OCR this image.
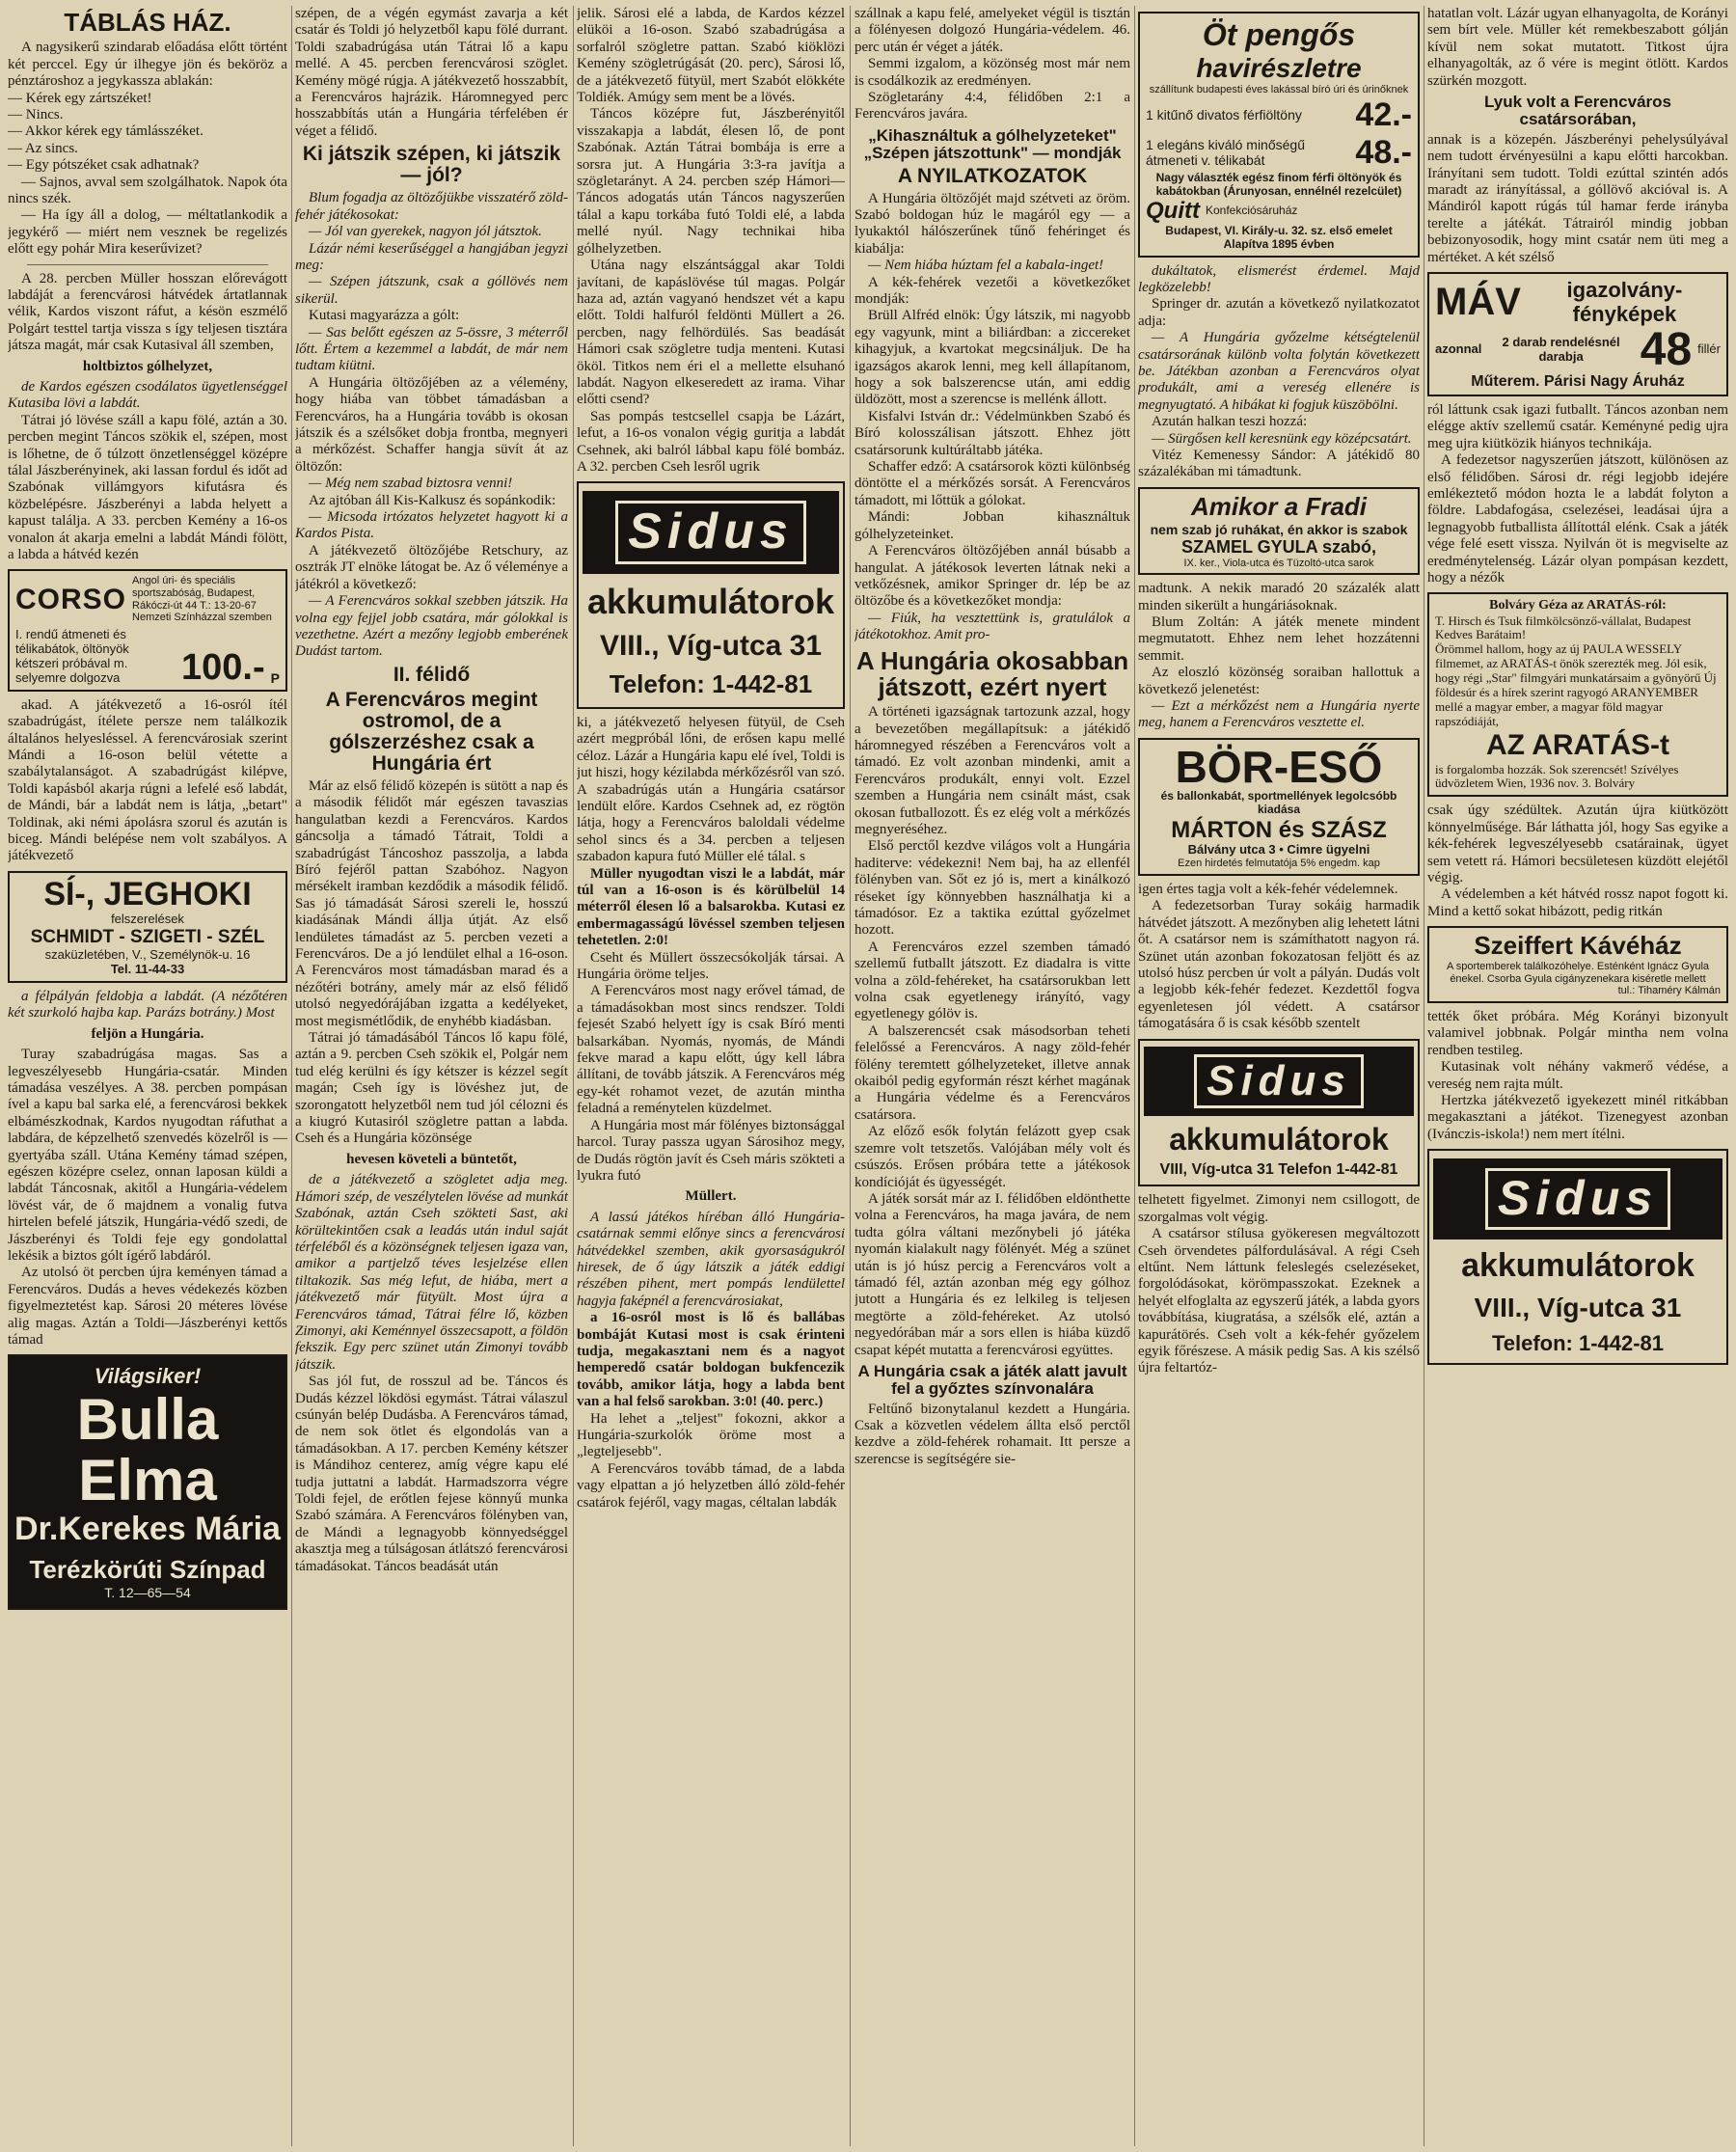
TÁBLÁS HÁZ.

A nagysikerű szindarab előadása előtt történt két perccel. Egy úr ilhegye jön és beköröz a pénztároshoz a jegykassza ablakán:

— Kérek egy zártszéket!

— Nincs.

— Akkor kérek egy támlásszéket.

— Az sincs.

— Egy pótszéket csak adhatnak?

— Sajnos, avval sem szolgálhatok. Napok óta nincs szék.

— Ha így áll a dolog, — méltatlankodik a jegykérő — miért nem vesznek be regelizés előtt egy pohár Mira keserűvizet?

A 28. percben Müller hosszan előrevágott labdáját a ferencvárosi hátvédek ártatlannak vélik, Kardos viszont ráfut, a késön eszmélő Polgárt testtel tartja vissza s így teljesen tisztára játsza magát, már csak Kutasival áll szemben,

holtbiztos gólhelyzet,

de Kardos egészen csodálatos ügyetlenséggel Kutasiba lövi a labdát.

Tátrai jó lövése száll a kapu fölé, aztán a 30. percben megint Táncos szökik el, szépen, most is lőhetne, de ő túlzott önzetlenséggel középre tálal Jászberényinek, aki lassan fordul és időt ad Szabónak villámgyors kifutásra és közbelépésre. Jászberényi a labda helyett a kapust találja. A 33. percben Kemény a 16-os vonalon át akarja emelni a labdát Mándi fölött, a labda a hátvéd kezén

CORSO
Angol úri- és speciális sportszabóság, Budapest, Rákóczi-út 44 T.: 13-20-67 Nemzeti Színházzal szemben
I. rendű átmeneti és télikabátok, öltönyök kétszeri próbával m. selyemre dolgozva	100.- P

akad. A játékvezető a 16-osról ítél szabadrúgást, ítélete persze nem találkozik általános helyesléssel. A ferencvárosiak szerint Mándi a 16-oson belül vétette a szabálytalanságot. A szabadrúgást kilépve, Toldi kapásból akarja rúgni a lefelé eső labdát, de Mándi, bár a labdát nem is látja, „betart" Toldinak, aki némi ápolásra szorul és azután is biceg. Mándi belépése nem volt szabályos. A játékvezető

SÍ-, JEGHOKI
felszerelések
SCHMIDT - SZIGETI - SZÉL
szaküzletében, V., Személynök-u. 16
Tel. 11-44-33

a félpályán feldobja a labdát. (A nézőtéren két szurkoló hajba kap. Parázs botrány.) Most

feljön a Hungária.

Turay szabadrúgása magas. Sas a legveszélyesebb Hungária-csatár. Minden támadása veszélyes. A 38. percben pompásan ível a kapu bal sarka elé, a ferencvárosi bekkek elbámészkodnak, Kardos nyugodtan ráfuthat a labdára, de képzelhető szenvedés közelről is — gyertyába száll. Utána Kemény támad szépen, egészen középre cselez, onnan laposan küldi a labdát Táncosnak, akitől a Hungária-védelem lövést vár, de ő majdnem a vonalig futva hirtelen befelé játszik, Hungária-védő szedi, de Jászberényi és Toldi feje egy gondolattal lekésik a biztos gólt ígérő labdáról.

Az utolsó öt percben újra keményen támad a Ferencváros. Dudás a heves védekezés közben figyelmeztetést kap. Sárosi 20 méteres lövése alig magas. Aztán a Toldi—Jászberényi kettős támad

Világsiker!
Bulla Elma
Dr.Kerekes Mária
Terézkörúti Színpad
T. 12—65—54

szépen, de a végén egymást zavarja a két csatár és Toldi jó helyzetből kapu fölé durrant. Toldi szabadrúgása után Tátrai lő a kapu mellé. A 45. percben ferencvárosi szöglet. Kemény mögé rúgja. A játékvezető hosszabbít, a Ferencváros hajrázik. Háromnegyed perc hosszabbítás után a Hungária térfelében ér véget a félidő.

Ki játszik szépen, ki játszik — jól?

Blum fogadja az öltözőjükbe visszatérő zöld-fehér játékosokat:

— Jól van gyerekek, nagyon jól játsztok.

Lázár némi keserűséggel a hangjában jegyzi meg:

— Szépen játszunk, csak a góllövés nem sikerül.

Kutasi magyarázza a gólt:

— Sas belőtt egészen az 5-össre, 3 méterről lőtt. Értem a kezemmel a labdát, de már nem tudtam kiütni.

A Hungária öltözőjében az a vélemény, hogy hiába van többet támadásban a Ferencváros, ha a Hungária tovább is okosan játszik és a szélsőket dobja frontba, megnyeri a mérkőzést. Schaffer hangja süvít át az öltözőn:

— Még nem szabad biztosra venni!

Az ajtóban áll Kis-Kalkusz és sopánkodik:

— Micsoda irtózatos helyzetet hagyott ki a Kardos Pista.

A játékvezető öltözőjébe Retschury, az osztrák JT elnöke látogat be. Az ő véleménye a játékról a következő:

— A Ferencváros sokkal szebben játszik. Ha volna egy fejjel jobb csatára, már gólokkal is vezethetne. Azért a mezőny legjobb emberének Dudást tartom.

II. félidő
A Ferencváros megint ostromol, de a gólszerzéshez csak a Hungária ért

Már az első félidő közepén is sütött a nap és a második félidőt már egészen tavaszias hangulatban kezdi a Ferencváros. Kardos gáncsolja a támadó Tátrait, Toldi a szabadrúgást Táncoshoz passzolja, a labda Bíró fejéről pattan Szabóhoz. Nagyon mérsékelt iramban kezdődik a második félidő. Sas jó támadását Sárosi szereli le, hosszú kiadásának Mándi állja útját. Az első lendületes támadást az 5. percben vezeti a Ferencváros. De a jó lendület elhal a 16-oson. A Ferencváros most támadásban marad és a nézőtéri botrány, amely már az első félidő utolsó negyedórájában izgatta a kedélyeket, most megismétlődik, de enyhébb kiadásban.

Tátrai jó támadásából Táncos lő kapu fölé, aztán a 9. percben Cseh szökik el, Polgár nem tud elég kerülni és így kétszer is kézzel segít magán; Cseh így is lövéshez jut, de szorongatott helyzetből nem tud jól célozni és a kiugró Kutasiról szögletre pattan a labda. Cseh és a Hungária közönsége

hevesen követeli a büntetőt,

de a játékvezető a szögletet adja meg. Hámori szép, de veszélytelen lövése ad munkát Szabónak, aztán Cseh szökteti Sast, aki körültekintően csak a leadás után indul saját térfeléből és a közönségnek teljesen igaza van, amikor a partjelző téves lesjelzése ellen tiltakozik. Sas még lefut, de hiába, mert a játékvezető már fütyült. Most újra a Ferencváros támad, Tátrai félre lő, közben Zimonyi, aki Keménnyel összecsapott, a földön fekszik. Egy perc szünet után Zimonyi tovább játszik.

Sas jól fut, de rosszul ad be. Táncos és Dudás kézzel lökdösi egymást. Tátrai válaszul csúnyán belép Dudásba. A Ferencváros támad, de nem sok ötlet és elgondolás van a támadásokban. A 17. percben Kemény kétszer is Mándihoz centerez, amíg végre kapu elé tudja juttatni a labdát. Harmadszorra végre Toldi fejel, de erőtlen fejese könnyű munka Szabó számára. A Ferencváros fölényben van, de Mándi a legnagyobb könnyedséggel akasztja meg a túlságosan átlátszó ferencvárosi támadásokat. Táncos beadását után

jelik. Sárosi elé a labda, de Kardos kézzel elüköi a 16-oson. Szabó szabadrúgása a sorfalról szögletre pattan. Szabó kiöklözi Kemény szögletrúgását (20. perc), Sárosi lő, de a játékvezető fütyül, mert Szabót elökkéte Toldiék. Amúgy sem ment be a lövés.

Táncos középre fut, Jászberényitől visszakapja a labdát, élesen lő, de pont Szabónak. Aztán Tátrai bombája is erre a sorsra jut. A Hungária 3:3-ra javítja a szögletarányt. A 24. percben szép Hámori—Táncos adogatás után Táncos nagyszerűen tálal a kapu torkába futó Toldi elé, a labda mellé nyúl. Nagy technikai hiba gólhelyzetben.

Utána nagy elszántsággal akar Toldi javítani, de kapáslövése túl magas. Polgár haza ad, aztán vagyanó hendszet vét a kapu előtt. Toldi halfuról feldönti Müllert a 26. percben, nagy felhördülés. Sas beadását Hámori csak szögletre tudja menteni. Kutasi ököl. Titkos nem éri el a mellette elsuhanó labdát. Nagyon elkeseredett az irama. Vihar előtti csend?

Sas pompás testcsellel csapja be Lázárt, lefut, a 16-os vonalon végig guritja a labdát Csehnek, aki balról lábbal kapu fölé bombáz. A 32. percben Cseh lesről ugrik

Sidus
akkumulátorok
VIII., Víg-utca 31
Telefon: 1-442-81

ki, a játékvezető helyesen fütyül, de Cseh azért megpróbál lőni, de erősen kapu mellé céloz. Lázár a Hungária kapu elé ível, Toldi is jut hiszi, hogy kézilabda mérkőzésről van szó. A szabadrúgás után a Hungária csatársor lendült előre. Kardos Csehnek ad, ez rögtön látja, hogy a Ferencváros baloldali védelme sehol sincs és a 34. percben a teljesen szabadon kapura futó Müller elé tálal. s

Müller nyugodtan viszi le a labdát, már túl van a 16-oson is és körülbelül 14 méterről élesen lő a balsarokba. Kutasi ez embermagasságú lövéssel szemben teljesen tehetetlen. 2:0!

Cseht és Müllert összecsókolják társai. A Hungária öröme teljes.

A Ferencváros most nagy erővel támad, de a támadásokban most sincs rendszer. Toldi fejesét Szabó helyett így is csak Bíró menti balsarkában. Nyomás, nyomás, de Mándi fekve marad a kapu előtt, úgy kell lábra állítani, de tovább játszik. A Ferencváros még egy-két rohamot vezet, de azután mintha feladná a reménytelen küzdelmet.

A Hungária most már fölényes biztonsággal harcol. Turay passza ugyan Sárosihoz megy, de Dudás rögtön javít és Cseh máris szökteti a lyukra futó

Müllert.

A lassú játékos híréban álló Hungária-csatárnak semmi előnye sincs a ferencvárosi hátvédekkel szemben, akik gyorsaságukról hiresek, de ő úgy látszik a játék eddigi részében pihent, mert pompás lendülettel hagyja faképnél a ferencvárosiakat,

a 16-osról most is lő és ballábas bombáját Kutasi most is csak érinteni tudja, megakasztani nem és a nagyot hemperedő csatár boldogan bukfencezik tovább, amikor látja, hogy a labda bent van a hal felső sarokban. 3:0! (40. perc.)

Ha lehet a „teljest" fokozni, akkor a Hungária-szurkolók öröme most a „legteljesebb".

A Ferencváros tovább támad, de a labda vagy elpattan a jó helyzetben álló zöld-fehér csatárok fejéről, vagy magas, céltalan labdák

szállnak a kapu felé, amelyeket végül is tisztán a fölényesen dolgozó Hungária-védelem. 46. perc után ér véget a játék.

Semmi izgalom, a közönség most már nem is csodálkozik az eredményen.

Szögletarány 4:4, félidőben 2:1 a Ferencváros javára.

„Kihasználtuk a gólhelyzeteket" „Szépen játszottunk" — mondják
A NYILATKOZATOK

A Hungária öltözőjét majd szétveti az öröm. Szabó boldogan húz le magáról egy — a lyukaktól hálószerűnek tűnő fehéringet és kiabálja:

— Nem hiába húztam fel a kabala-inget!

A kék-fehérek vezetői a következőket mondják:

Brüll Alfréd elnök: Úgy látszik, mi nagyobb egy vagyunk, mint a biliárdban: a ziccereket kihagyjuk, a kvartokat megcsináljuk. De ha igazságos akarok lenni, meg kell állapítanom, hogy a sok balszerencse után, ami eddig üldözött, most a szerencse is mellénk állott.

Kisfalvi István dr.: Védelmünkben Szabó és Bíró kolosszálisan játszott. Ehhez jött csatársorunk kultúráltabb játéka.

Schaffer edző: A csatársorok közti különbség döntötte el a mérkőzés sorsát. A Ferencváros támadott, mi lőttük a gólokat.

Mándi: Jobban kihasználtuk gólhelyzeteinket.

A Ferencváros öltözőjében annál búsabb a hangulat. A játékosok leverten látnak neki a vetkőzésnek, amikor Springer dr. lép be az öltözőbe és a következőket mondja:

— Fiúk, ha vesztettünk is, gratulálok a játékotokhoz. Amit pro-

A Hungária okosabban játszott, ezért nyert

A történeti igazságnak tartozunk azzal, hogy a bevezetőben megállapítsuk: a játékidő háromnegyed részében a Ferencváros volt a támadó. Ez volt azonban mindenki, amit a Ferencváros produkált, ennyi volt. Ezzel szemben a Hungária nem csinált mást, csak okosan futballozott. És ez elég volt a mérkőzés megnyeréséhez.

Első perctől kezdve világos volt a Hungária haditerve: védekezni! Nem baj, ha az ellenfél fölényben van. Sőt ez jó is, mert a kinálkozó réseket így könnyebben használhatja ki a támadósor. Ez a taktika ezúttal győzelmet hozott.

A Ferencváros ezzel szemben támadó szellemű futballt játszott. Ez diadalra is vitte volna a zöld-fehéreket, ha csatársorukban lett volna csak egyetlenegy irányító, vagy egyetlenegy gólöv is.

A balszerencsét csak másodsorban teheti felelőssé a Ferencváros. A nagy zöld-fehér fölény teremtett gólhelyzeteket, illetve annak okaiból pedig egyformán részt kérhet magának a Hungária védelme és a Ferencváros csatársora.

Az előző esők folytán felázott gyep csak szemre volt tetszetős. Valójában mély volt és csúszós. Erősen próbára tette a játékosok kondícióját és ügyességét.

A játék sorsát már az I. félidőben eldönthette volna a Ferencváros, ha maga javára, de nem tudta gólra váltani mezőnybeli jó játéka nyomán kialakult nagy fölényét. Még a szünet után is jó húsz percig a Ferencváros volt a támadó fél, aztán azonban még egy gólhoz jutott a Hungária és ez lelkileg is teljesen megtörte a zöld-fehéreket. Az utolsó negyedórában már a sors ellen is hiába küzdő csapat képét mutatta a ferencvárosi együttes.

A Hungária csak a játék alatt javult fel a győztes színvonalára

Feltűnő bizonytalanul kezdett a Hungária. Csak a közvetlen védelem állta első perctől kezdve a zöld-fehérek rohamait. Itt persze a szerencse is segítségére sie-

Öt pengős
havirészletre
szállítunk budapesti éves lakással bíró úri és úrinőknek
1 kitűnő divatos férfiöltöny	42.-
1 elegáns kiváló minőségű átmeneti v. télikabát	48.-
Nagy választék egész finom férfi öltönyök és kabátokban (Árunyosan, ennélnél rezelcület)
Quitt Konfekciósáruház
Budapest, VI. Király-u. 32. sz. első emelet Alapítva 1895 évben

dukáltatok, elismerést érdemel. Majd legközelebb!

Springer dr. azután a következő nyilatkozatot adja:

— A Hungária győzelme kétségtelenül csatársorának különb volta folytán következett be. Játékban azonban a Ferencváros olyat produkált, ami a vereség ellenére is megnyugtató. A hibákat ki fogjuk küszöbölni.

Azután halkan teszi hozzá:

— Sürgősen kell keresnünk egy középcsatárt.

Vitéz Kemenessy Sándor: A játékidő 80 százalékában mi támadtunk.

Amikor a Fradi
nem szab jó ruhákat, én akkor is szabok
SZAMEL GYULA szabó,
IX. ker., Viola-utca és Tüzoltó-utca sarok

madtunk. A nekik maradó 20 százalék alatt minden sikerült a hungáriásoknak.

Blum Zoltán: A játék menete mindent megmutatott. Ehhez nem lehet hozzátenni semmit.

Az eloszló közönség soraiban hallottuk a következő jelenetést:

— Ezt a mérkőzést nem a Hungária nyerte meg, hanem a Ferencváros vesztette el.

BÖR-ESŐ
és ballonkabát, sportmellények legolcsóbb kiadása
MÁRTON és SZÁSZ
Bálvány utca 3 • Cimre ügyelni
Ezen hirdetés felmutatója 5% engedm. kap

igen értes tagja volt a kék-fehér védelemnek.

A fedezetsorban Turay sokáig harmadik hátvédet játszott. A mezőnyben alig lehetett látni őt. A csatársor nem is számíthatott nagyon rá. Szünet után azonban fokozatosan feljött és az utolsó húsz percben úr volt a pályán. Dudás volt a legjobb kék-fehér fedezet. Kezdettől fogva egyenletesen jól védett. A csatársor támogatására ő is csak később szentelt

Sidus
akkumulátorok
VIII, Víg-utca 31 Telefon 1-442-81

telhetett figyelmet. Zimonyi nem csillogott, de szorgalmas volt végig.

A csatársor stílusa gyökeresen megváltozott Cseh örvendetes pálfordulásával. A régi Cseh eltűnt. Nem láttunk feleslegés cselezéseket, forgolódásokat, körömpasszokat. Ezeknek a helyét elfoglalta az egyszerű játék, a labda gyors továbbítása, kiugratása, a szélsők elé, aztán a kapurátörés. Cseh volt a kék-fehér győzelem egyik főrészese. A másik pedig Sas. A kis szélső újra feltartóz-

hatatlan volt. Lázár ugyan elhanyagolta, de Korányi sem bírt vele. Müller két remekbeszabott gólján kívül nem sokat mutatott. Titkost újra elhanyagolták, az ő vére is megint ötlött. Kardos szürkén mozgott.

Lyuk volt a Ferencváros csatársorában,

annak is a közepén. Jászberényi pehelysúlyával nem tudott érvényesülni a kapu előtti harcokban. Irányítani sem tudott. Toldi ezúttal szintén adós maradt az irányítással, a góllövő akcióval is. A Mándiról kapott rúgás túl hamar ferde irányba terelte a játékát. Tátrairól mindig jobban bebizonyosodik, hogy mint csatár nem üti meg a mértéket. A két szélső

MÁV	igazolvány-fényképek
azonnal	2 darab rendelésnél darabja	48 fillér
Műterem. Párisi Nagy Áruház

ról láttunk csak igazi futballt. Táncos azonban nem elégge aktív szellemű csatár. Keményné pedig ujra meg ujra kiütközik hiányos technikája.

A fedezetsor nagyszerűen játszott, különösen az első félidőben. Sárosi dr. régi legjobb idejére emlékeztető módon hozta le a labdát folyton a földre. Labdafogása, cselezései, leadásai újra a legnagyobb futballista állítottál elénk. Csak a játék vége felé esett vissza. Nyilván öt is megviselte az eredménytelenség. Lázár olyan pompásan kezdett, hogy a nézők

Bolváry Géza az ARATÁS-ról:
T. Hirsch és Tsuk filmkölcsönző-vállalat, Budapest
Kedves Barátaim!
Örömmel hallom, hogy az új PAULA WESSELY filmemet, az ARATÁS-t önök szerezték meg. Jól esik, hogy régi „Star" filmgyári munkatársaim a gyönyörű Új földesúr és a hírek szerint ragyogó ARANYEMBER mellé a magyar ember, a magyar föld magyar rapszódiáját,
AZ ARATÁS-t
is forgalomba hozzák. Sok szerencsét! Szívélyes üdvözletem Wien, 1936 nov. 3. Bolváry

csak úgy szédültek. Azután újra kiütközött könnyelműsége. Bár láthatta jól, hogy Sas egyike a kék-fehérek legveszélyesebb csatárainak, ügyet sem vetett rá. Hámori becsületesen küzdött elejétől végig.

A védelemben a két hátvéd rossz napot fogott ki. Mind a kettő sokat hibázott, pedig ritkán

Szeiffert Kávéház
A sportemberek találkozóhelye. Esténként Ignácz Gyula énekel. Csorba Gyula cigányzenekara kiséretle mellett
tul.: Tihaméry Kálmán

tették őket próbára. Még Korányi bizonyult valamivel jobbnak. Polgár mintha nem volna rendben testileg.

Kutasinak volt néhány vakmerő védése, a vereség nem rajta múlt.

Hertzka játékvezető igyekezett minél ritkábban megakasztani a játékot. Tizenegyest azonban (Ivánczis-iskola!) nem mert ítélni.

Sidus
akkumulátorok
VIII., Víg-utca 31
Telefon: 1-442-81
